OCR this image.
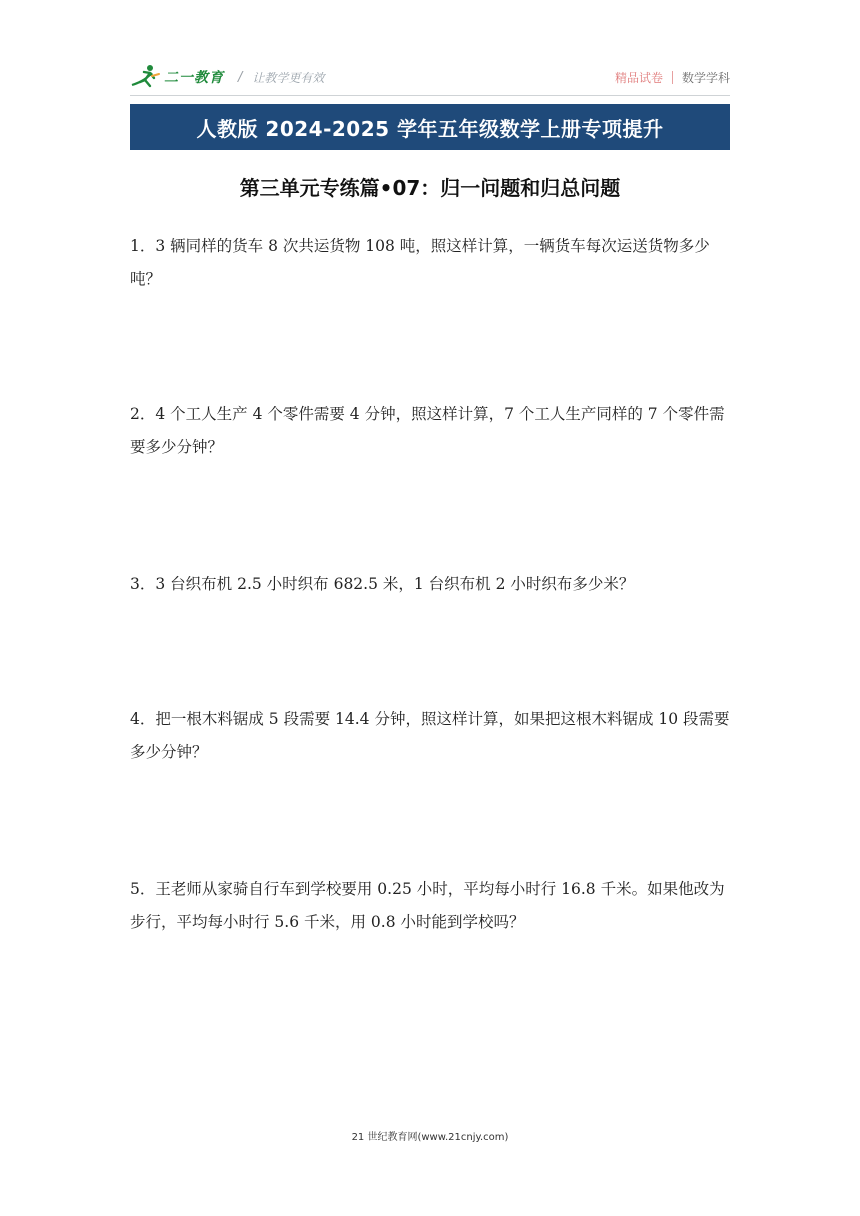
二一教育 / 让教学更有效	精品试卷 数学学科
人教版 2024-2025 学年五年级数学上册专项提升
第三单元专练篇•07：归一问题和归总问题

1．3 辆同样的货车 8 次共运货物 108 吨，照这样计算，一辆货车每次运送货物多少吨？

2．4 个工人生产 4 个零件需要 4 分钟，照这样计算，7 个工人生产同样的 7 个零件需要多少分钟？

3．3 台织布机 2.5 小时织布 682.5 米，1 台织布机 2 小时织布多少米？

4．把一根木料锯成 5 段需要 14.4 分钟，照这样计算，如果把这根木料锯成 10 段需要多少分钟？

5．王老师从家骑自行车到学校要用 0.25 小时，平均每小时行 16.8 千米。如果他改为步行，平均每小时行 5.6 千米，用 0.8 小时能到学校吗？

21 世纪教育网(www.21cnjy.com)
